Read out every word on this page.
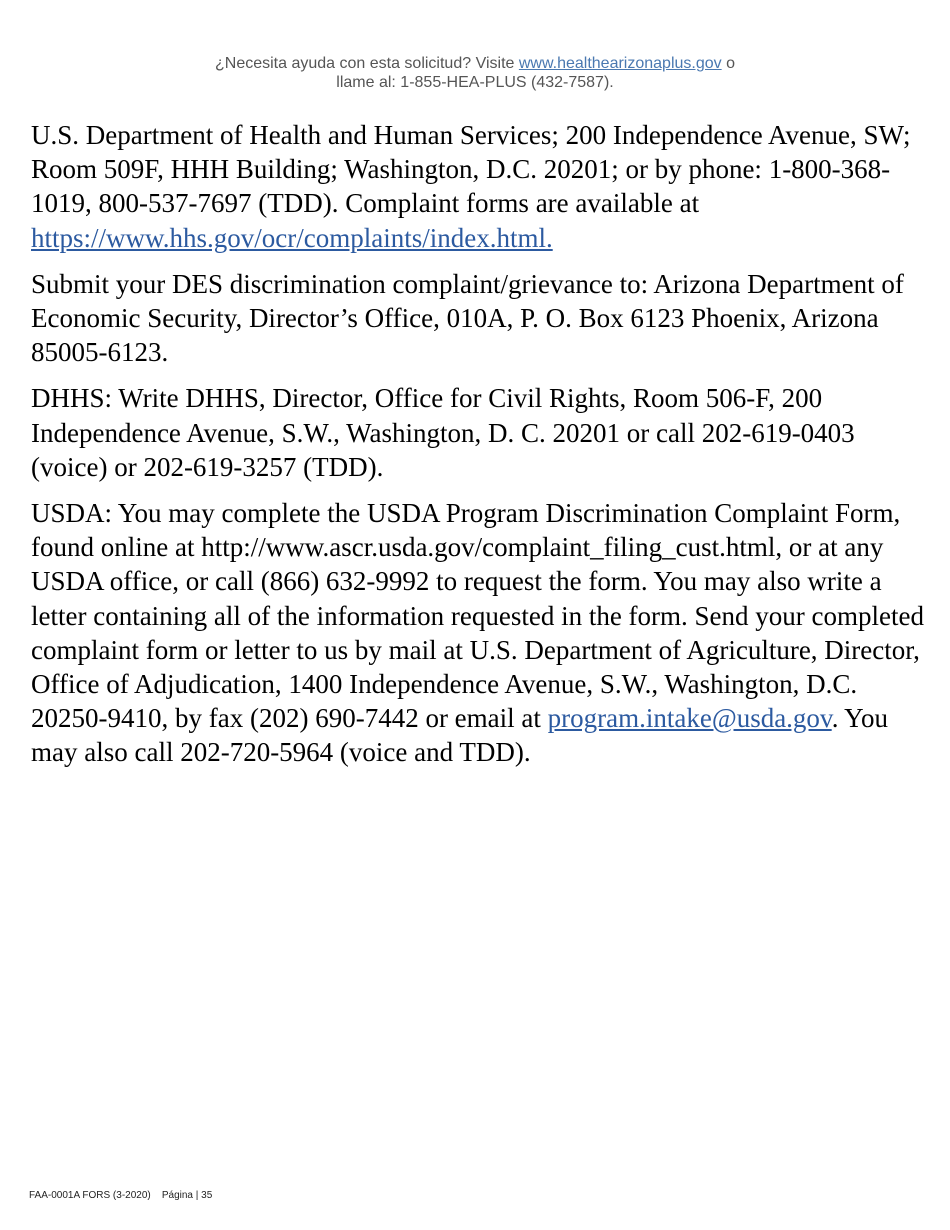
¿Necesita ayuda con esta solicitud? Visite www.healthearizonaplus.gov o
llame al: 1-855-HEA-PLUS (432-7587).

U.S. Department of Health and Human Services; 200 Independence Avenue, SW; Room 509F, HHH Building; Washington, D.C. 20201; or by phone: 1-800-368-1019, 800-537-7697 (TDD). Complaint forms are available at https://www.hhs.gov/ocr/complaints/index.html.

Submit your DES discrimination complaint/grievance to: Arizona Department of Economic Security, Director’s Office, 010A, P. O. Box 6123 Phoenix, Arizona 85005-6123.

DHHS: Write DHHS, Director, Office for Civil Rights, Room 506-F, 200 Independence Avenue, S.W., Washington, D. C. 20201 or call 202-619-0403 (voice) or 202-619-3257 (TDD).

USDA: You may complete the USDA Program Discrimination Complaint Form, found online at http://www.ascr.usda.gov/complaint_filing_cust.html, or at any USDA office, or call (866) 632-9992 to request the form. You may also write a letter containing all of the information requested in the form. Send your completed complaint form or letter to us by mail at U.S. Department of Agriculture, Director, Office of Adjudication, 1400 Independence Avenue, S.W., Washington, D.C. 20250-9410, by fax (202) 690-7442 or email at program.intake@usda.gov. You may also call 202-720-5964 (voice and TDD).

FAA-0001A FORS (3-2020) Página | 35
